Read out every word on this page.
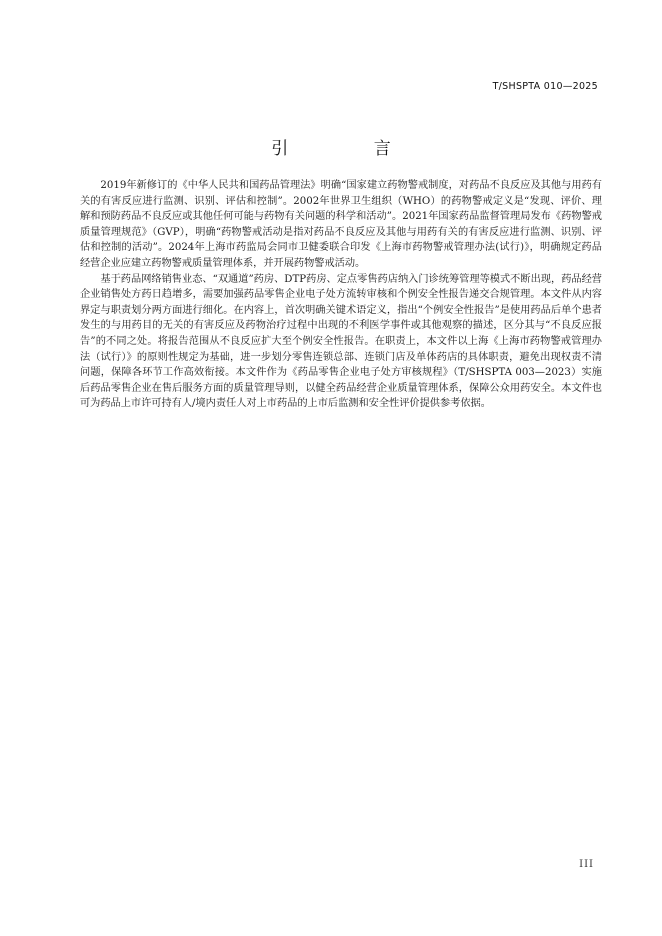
T/SHSPTA 010—2025
引 言

2019年新修订的《中华人民共和国药品管理法》明确“国家建立药物警戒制度，对药品不良反应及其他与用药有关的有害反应进行监测、识别、评估和控制”。2002年世界卫生组织（WHO）的药物警戒定义是“发现、评价、理解和预防药品不良反应或其他任何可能与药物有关问题的科学和活动”。2021年国家药品监督管理局发布《药物警戒质量管理规范》（GVP），明确“药物警戒活动是指对药品不良反应及其他与用药有关的有害反应进行监测、识别、评估和控制的活动”。2024年上海市药监局会同市卫健委联合印发《上海市药物警戒管理办法(试行)》，明确规定药品经营企业应建立药物警戒质量管理体系，并开展药物警戒活动。

基于药品网络销售业态、“双通道”药房、DTP药房、定点零售药店纳入门诊统筹管理等模式不断出现，药品经营企业销售处方药日趋增多，需要加强药品零售企业电子处方流转审核和个例安全性报告递交合规管理。本文件从内容界定与职责划分两方面进行细化。在内容上，首次明确关键术语定义，指出“个例安全性报告”是使用药品后单个患者发生的与用药目的无关的有害反应及药物治疗过程中出现的不利医学事件或其他观察的描述，区分其与“不良反应报告”的不同之处。将报告范围从不良反应扩大至个例安全性报告。在职责上，本文件以上海《上海市药物警戒管理办法（试行）》的原则性规定为基础，进一步划分零售连锁总部、连锁门店及单体药店的具体职责，避免出现权责不清问题，保障各环节工作高效衔接。本文件作为《药品零售企业电子处方审核规程》（T/SHSPTA 003—2023）实施后药品零售企业在售后服务方面的质量管理导则，以健全药品经营企业质量管理体系，保障公众用药安全。本文件也可为药品上市许可持有人/境内责任人对上市药品的上市后监测和安全性评价提供参考依据。

III
